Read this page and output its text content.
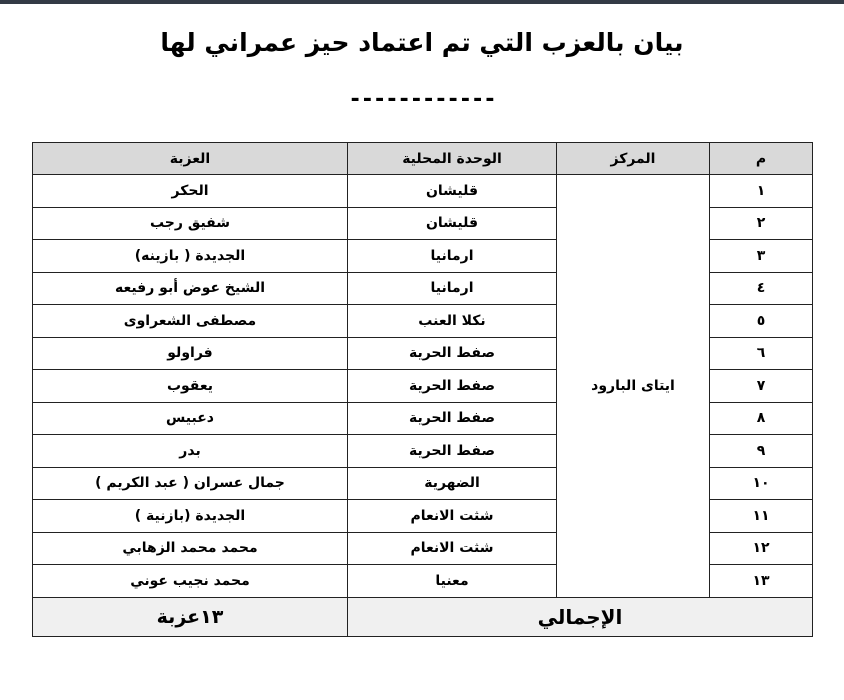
بيان بالعزب التي تم اعتماد حيز عمراني لها
------------
م	المركز	الوحدة المحلية	العزبة
١	ايتاى البارود	قليشان	الحكر
٢		قليشان	شفيق رجب
٣		ارمانيا	الجديدة ( بازينه)
٤		ارمانيا	الشيخ عوض أبو رفيعه
٥		نكلا العنب	مصطفى الشعراوى
٦		صفط الحرية	فراولو
٧		صفط الحرية	يعقوب
٨		صفط الحرية	دعبيس
٩		صفط الحرية	بدر
١٠		الضهرية	جمال عسران ( عبد الكريم )
١١		شثت الانعام	الجديدة (بازنية )
١٢		شثت الانعام	محمد محمد الزهابي
١٣		معنيا	محمد نجيب عوني
الإجمالي			١٣عزبة
